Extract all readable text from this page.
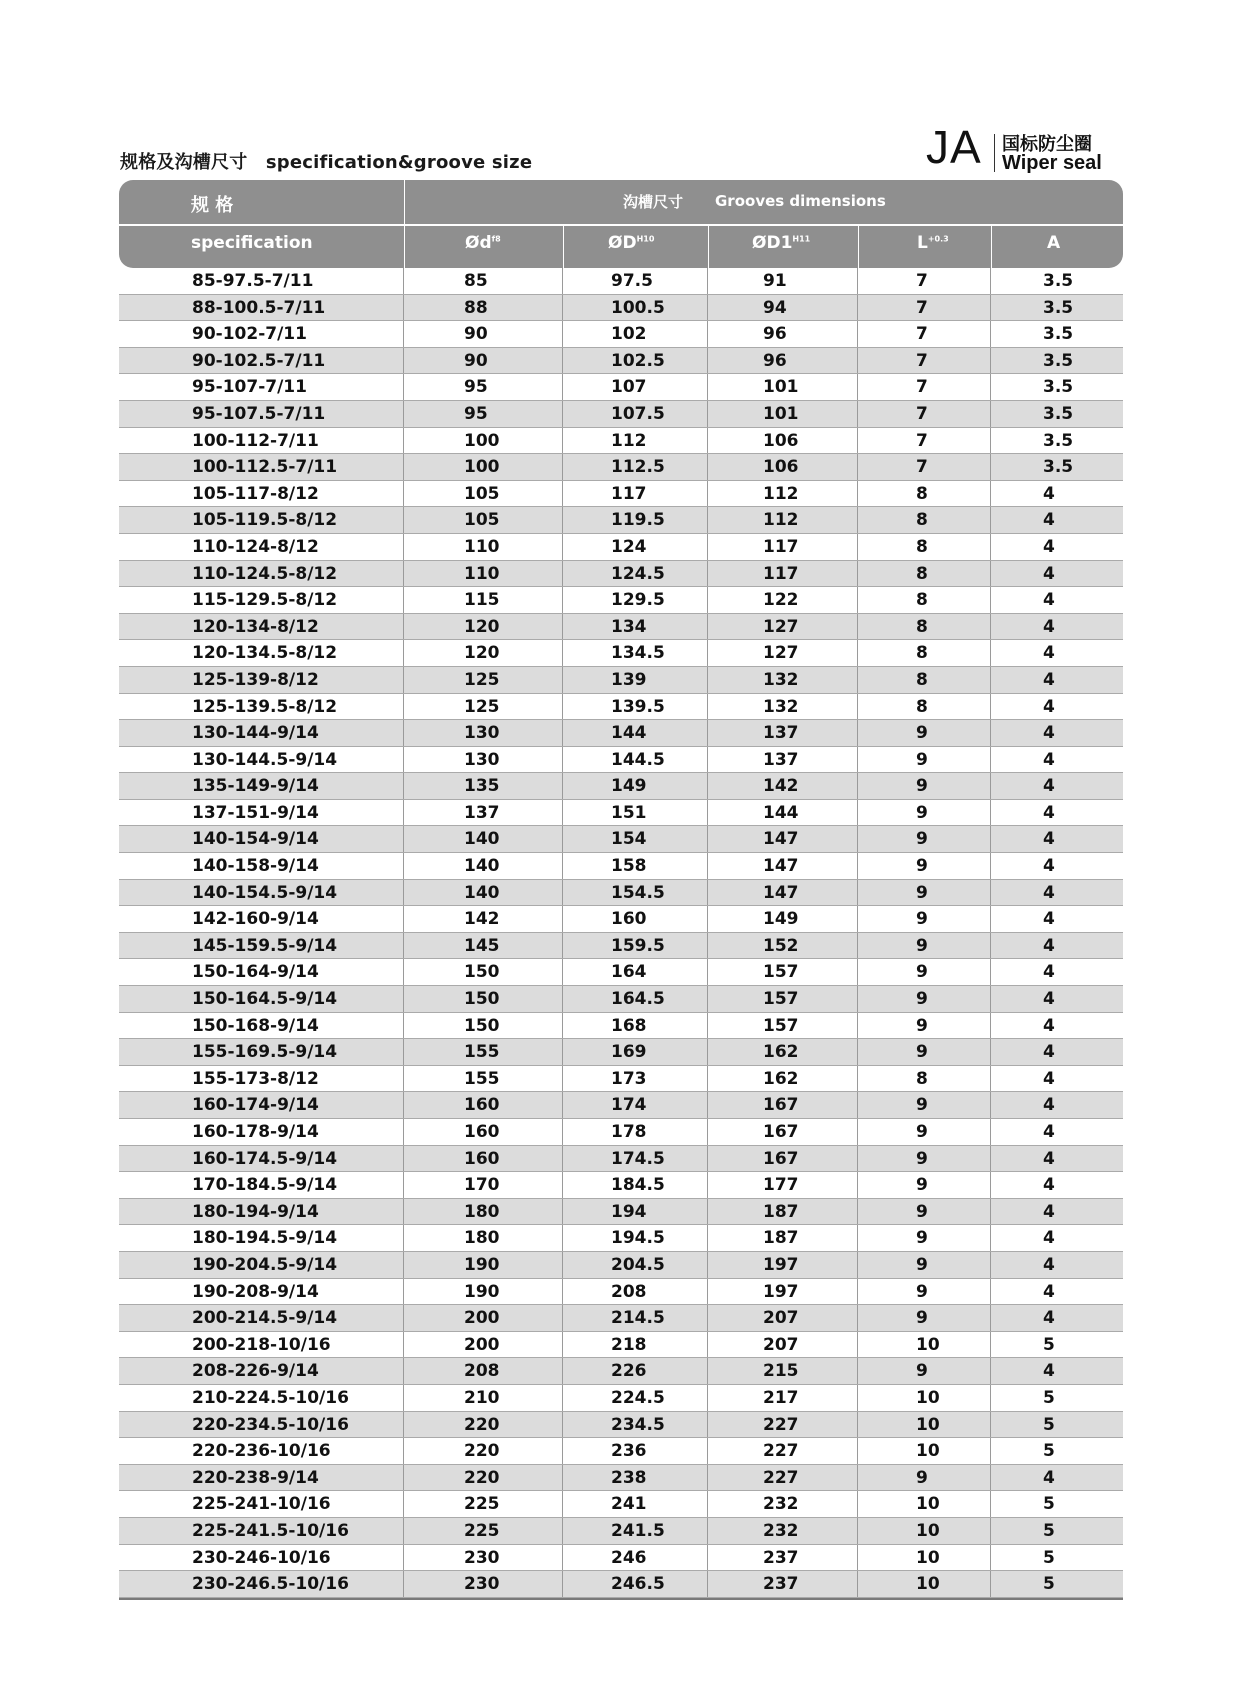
规格及沟槽尺寸 specification&groove size	JA 国标防尘圈
Wiper seal
规 格	沟槽尺寸 Grooves dimensions
specification	$Ød^{f8}$	$ØD^{H10}$	$ØD1^{H11}$	$L^{+0.3}$	A
85-97.5-7/11	85	97.5	91	7	3.5
88-100.5-7/11	88	100.5	94	7	3.5
90-102-7/11	90	102	96	7	3.5
90-102.5-7/11	90	102.5	96	7	3.5
95-107-7/11	95	107	101	7	3.5
95-107.5-7/11	95	107.5	101	7	3.5
100-112-7/11	100	112	106	7	3.5
100-112.5-7/11	100	112.5	106	7	3.5
105-117-8/12	105	117	112	8	4
105-119.5-8/12	105	119.5	112	8	4
110-124-8/12	110	124	117	8	4
110-124.5-8/12	110	124.5	117	8	4
115-129.5-8/12	115	129.5	122	8	4
120-134-8/12	120	134	127	8	4
120-134.5-8/12	120	134.5	127	8	4
125-139-8/12	125	139	132	8	4
125-139.5-8/12	125	139.5	132	8	4
130-144-9/14	130	144	137	9	4
130-144.5-9/14	130	144.5	137	9	4
135-149-9/14	135	149	142	9	4
137-151-9/14	137	151	144	9	4
140-154-9/14	140	154	147	9	4
140-158-9/14	140	158	147	9	4
140-154.5-9/14	140	154.5	147	9	4
142-160-9/14	142	160	149	9	4
145-159.5-9/14	145	159.5	152	9	4
150-164-9/14	150	164	157	9	4
150-164.5-9/14	150	164.5	157	9	4
150-168-9/14	150	168	157	9	4
155-169.5-9/14	155	169	162	9	4
155-173-8/12	155	173	162	8	4
160-174-9/14	160	174	167	9	4
160-178-9/14	160	178	167	9	4
160-174.5-9/14	160	174.5	167	9	4
170-184.5-9/14	170	184.5	177	9	4
180-194-9/14	180	194	187	9	4
180-194.5-9/14	180	194.5	187	9	4
190-204.5-9/14	190	204.5	197	9	4
190-208-9/14	190	208	197	9	4
200-214.5-9/14	200	214.5	207	9	4
200-218-10/16	200	218	207	10	5
208-226-9/14	208	226	215	9	4
210-224.5-10/16	210	224.5	217	10	5
220-234.5-10/16	220	234.5	227	10	5
220-236-10/16	220	236	227	10	5
220-238-9/14	220	238	227	9	4
225-241-10/16	225	241	232	10	5
225-241.5-10/16	225	241.5	232	10	5
230-246-10/16	230	246	237	10	5
230-246.5-10/16	230	246.5	237	10	5
